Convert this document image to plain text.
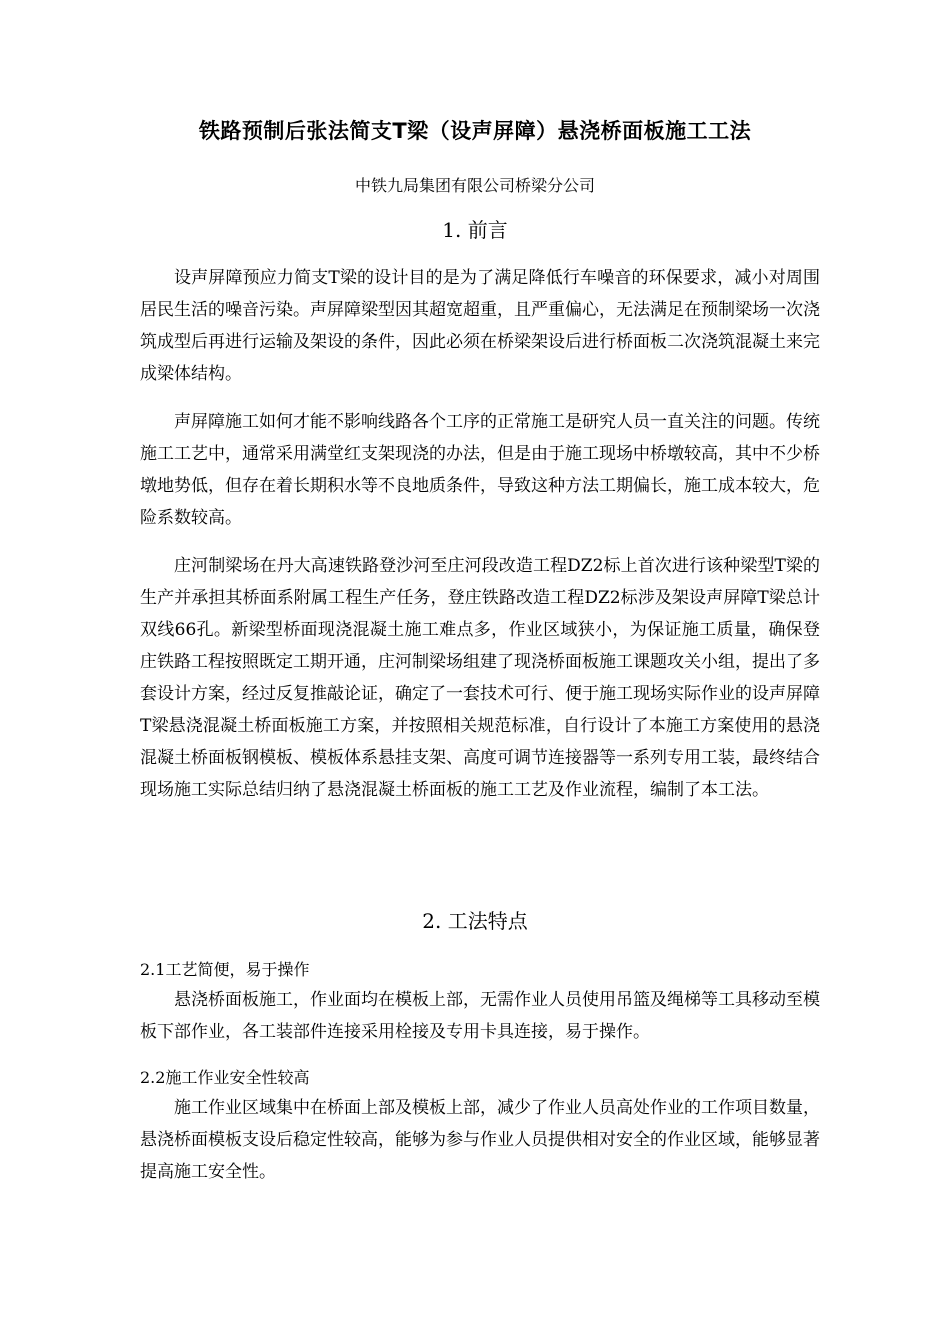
铁路预制后张法简支T梁（设声屏障）悬浇桥面板施工工法

中铁九局集团有限公司桥梁分公司

1. 前言

设声屏障预应力简支T梁的设计目的是为了满足降低行车噪音的环保要求，减小对周围居民生活的噪音污染。声屏障梁型因其超宽超重，且严重偏心，无法满足在预制梁场一次浇筑成型后再进行运输及架设的条件，因此必须在桥梁架设后进行桥面板二次浇筑混凝土来完成梁体结构。

声屏障施工如何才能不影响线路各个工序的正常施工是研究人员一直关注的问题。传统施工工艺中，通常采用满堂红支架现浇的办法，但是由于施工现场中桥墩较高，其中不少桥墩地势低，但存在着长期积水等不良地质条件，导致这种方法工期偏长，施工成本较大，危险系数较高。

庄河制梁场在丹大高速铁路登沙河至庄河段改造工程DZ2标上首次进行该种梁型T梁的生产并承担其桥面系附属工程生产任务，登庄铁路改造工程DZ2标涉及架设声屏障T梁总计双线66孔。新梁型桥面现浇混凝土施工难点多，作业区域狭小，为保证施工质量，确保登庄铁路工程按照既定工期开通，庄河制梁场组建了现浇桥面板施工课题攻关小组，提出了多套设计方案，经过反复推敲论证，确定了一套技术可行、便于施工现场实际作业的设声屏障T梁悬浇混凝土桥面板施工方案，并按照相关规范标准，自行设计了本施工方案使用的悬浇混凝土桥面板钢模板、模板体系悬挂支架、高度可调节连接器等一系列专用工装，最终结合现场施工实际总结归纳了悬浇混凝土桥面板的施工工艺及作业流程，编制了本工法。

2. 工法特点

2.1工艺简便，易于操作

悬浇桥面板施工，作业面均在模板上部，无需作业人员使用吊篮及绳梯等工具移动至模板下部作业，各工装部件连接采用栓接及专用卡具连接，易于操作。

2.2施工作业安全性较高

施工作业区域集中在桥面上部及模板上部，减少了作业人员高处作业的工作项目数量，悬浇桥面模板支设后稳定性较高，能够为参与作业人员提供相对安全的作业区域，能够显著提高施工安全性。
